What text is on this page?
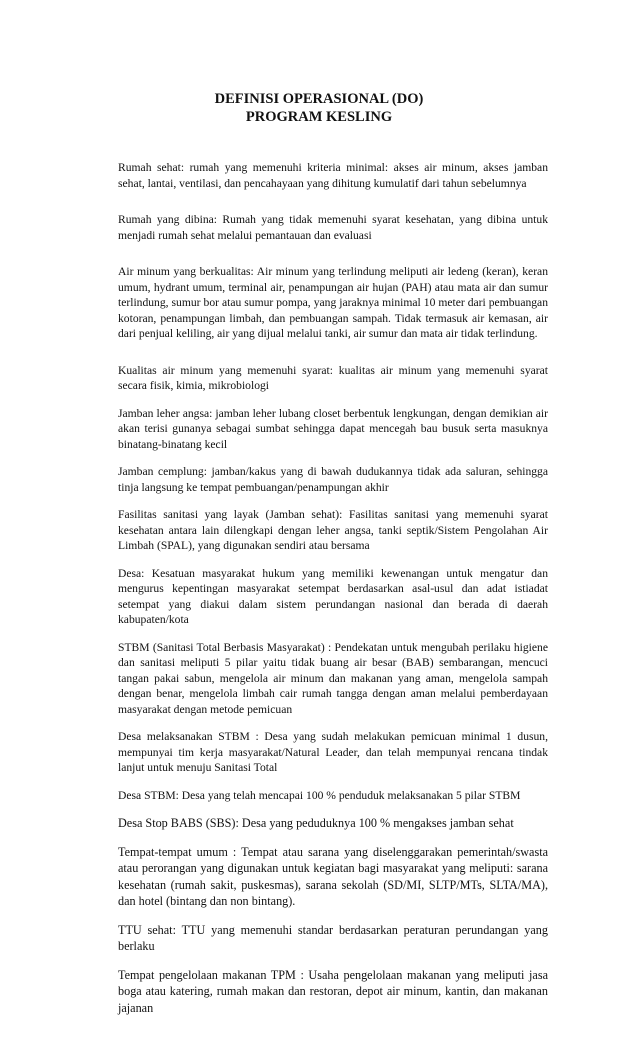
DEFINISI OPERASIONAL (DO)
PROGRAM KESLING

Rumah sehat: rumah yang memenuhi kriteria minimal: akses air minum, akses jamban sehat, lantai, ventilasi, dan pencahayaan yang dihitung kumulatif dari tahun sebelumnya

Rumah yang dibina: Rumah yang tidak memenuhi syarat kesehatan, yang dibina untuk menjadi rumah sehat melalui pemantauan dan evaluasi

Air minum yang berkualitas: Air minum yang terlindung meliputi air ledeng (keran), keran umum, hydrant umum, terminal air, penampungan air hujan (PAH) atau mata air dan sumur terlindung, sumur bor atau sumur pompa, yang jaraknya minimal 10 meter dari pembuangan kotoran, penampungan limbah, dan pembuangan sampah. Tidak termasuk air kemasan, air dari penjual keliling, air yang dijual melalui tanki, air sumur dan mata air tidak terlindung.

Kualitas air minum yang memenuhi syarat: kualitas air minum yang memenuhi syarat secara fisik, kimia, mikrobiologi

Jamban leher angsa: jamban leher lubang closet berbentuk lengkungan, dengan demikian air akan terisi gunanya sebagai sumbat sehingga dapat mencegah bau busuk serta masuknya binatang-binatang kecil

Jamban cemplung: jamban/kakus yang di bawah dudukannya tidak ada saluran, sehingga tinja langsung ke tempat pembuangan/penampungan akhir

Fasilitas sanitasi yang layak (Jamban sehat): Fasilitas sanitasi yang memenuhi syarat kesehatan antara lain dilengkapi dengan leher angsa, tanki septik/Sistem Pengolahan Air Limbah (SPAL), yang digunakan sendiri atau bersama

Desa: Kesatuan masyarakat hukum yang memiliki kewenangan untuk mengatur dan mengurus kepentingan masyarakat setempat berdasarkan asal-usul dan adat istiadat setempat yang diakui dalam sistem perundangan nasional dan berada di daerah kabupaten/kota

STBM (Sanitasi Total Berbasis Masyarakat) : Pendekatan untuk mengubah perilaku higiene dan sanitasi meliputi 5 pilar yaitu tidak buang air besar (BAB) sembarangan, mencuci tangan pakai sabun, mengelola air minum dan makanan yang aman, mengelola sampah dengan benar, mengelola limbah cair rumah tangga dengan aman melalui pemberdayaan masyarakat dengan metode pemicuan

Desa melaksanakan STBM : Desa yang sudah melakukan pemicuan minimal 1 dusun, mempunyai tim kerja masyarakat/Natural Leader, dan telah mempunyai rencana tindak lanjut untuk menuju Sanitasi Total

Desa STBM: Desa yang telah mencapai 100 % penduduk melaksanakan 5 pilar STBM

Desa Stop BABS (SBS): Desa yang peduduknya 100 % mengakses jamban sehat

Tempat-tempat umum : Tempat atau sarana yang diselenggarakan pemerintah/swasta atau perorangan yang digunakan untuk kegiatan bagi masyarakat yang meliputi: sarana kesehatan (rumah sakit, puskesmas), sarana sekolah (SD/MI, SLTP/MTs, SLTA/MA), dan hotel (bintang dan non bintang).

TTU sehat: TTU yang memenuhi standar berdasarkan peraturan perundangan yang berlaku

Tempat pengelolaan makanan TPM : Usaha pengelolaan makanan yang meliputi jasa boga atau katering, rumah makan dan restoran, depot air minum, kantin, dan makanan jajanan
